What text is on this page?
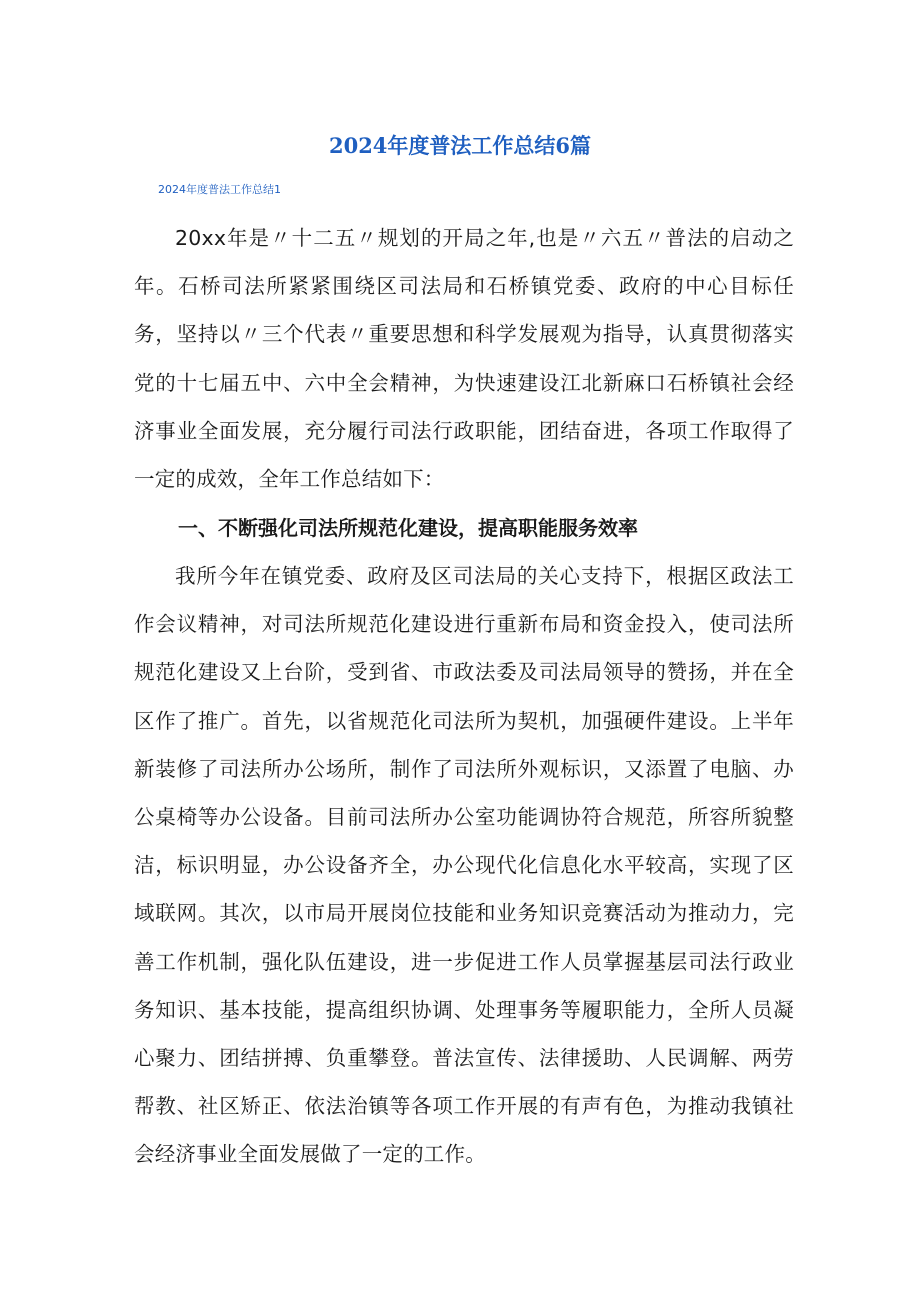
2024年度普法工作总结6篇
2024年度普法工作总结1

20xx年是〃十二五〃规划的开局之年,也是〃六五〃普法的启动之年。石桥司法所紧紧围绕区司法局和石桥镇党委、政府的中心目标任务，坚持以〃三个代表〃重要思想和科学发展观为指导，认真贯彻落实党的十七届五中、六中全会精神，为快速建设江北新麻口石桥镇社会经济事业全面发展，充分履行司法行政职能，团结奋进，各项工作取得了一定的成效，全年工作总结如下：

一、不断强化司法所规范化建设，提高职能服务效率

我所今年在镇党委、政府及区司法局的关心支持下，根据区政法工作会议精神，对司法所规范化建设进行重新布局和资金投入，使司法所规范化建设又上台阶，受到省、市政法委及司法局领导的赞扬，并在全区作了推广。首先，以省规范化司法所为契机，加强硬件建设。上半年新装修了司法所办公场所，制作了司法所外观标识，又添置了电脑、办公桌椅等办公设备。目前司法所办公室功能调协符合规范，所容所貌整洁，标识明显，办公设备齐全，办公现代化信息化水平较高，实现了区域联网。其次，以市局开展岗位技能和业务知识竞赛活动为推动力，完善工作机制，强化队伍建设，进一步促进工作人员掌握基层司法行政业务知识、基本技能，提高组织协调、处理事务等履职能力，全所人员凝心聚力、团结拼搏、负重攀登。普法宣传、法律援助、人民调解、两劳帮教、社区矫正、依法治镇等各项工作开展的有声有色，为推动我镇社会经济事业全面发展做了一定的工作。
